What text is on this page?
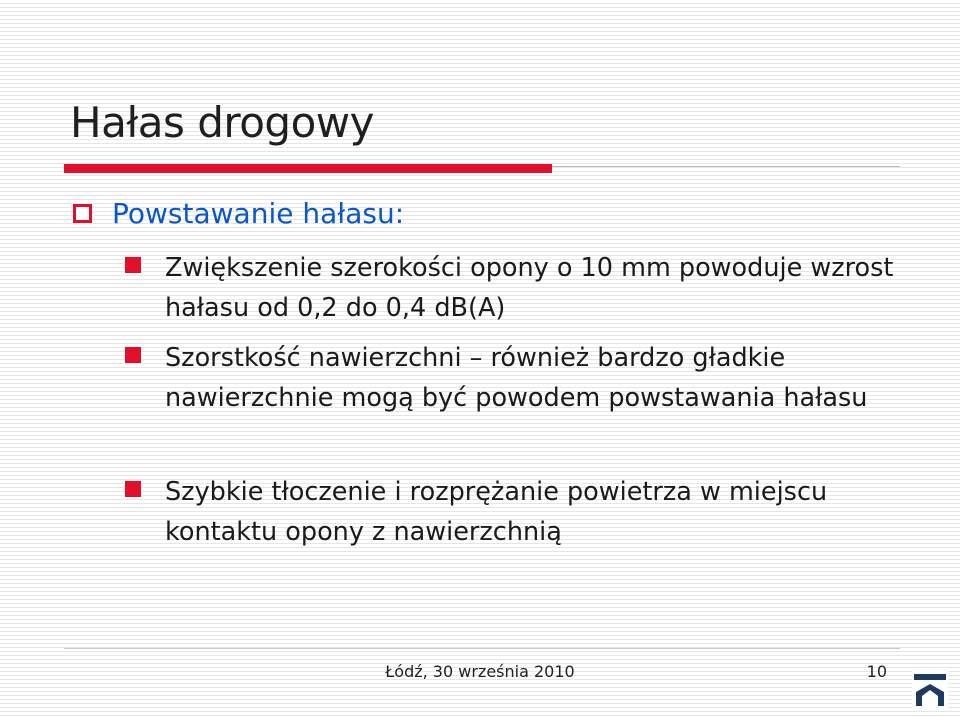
Hałas drogowy
Powstawanie hałasu:
Zwiększenie szerokości opony o 10 mm powoduje wzrost hałasu od 0,2 do 0,4 dB(A)
Szorstkość nawierzchni – również bardzo gładkie nawierzchnie mogą być powodem powstawania hałasu
Szybkie tłoczenie i rozprężanie powietrza w miejscu kontaktu opony z nawierzchnią
Łódź, 30 września 2010	10
